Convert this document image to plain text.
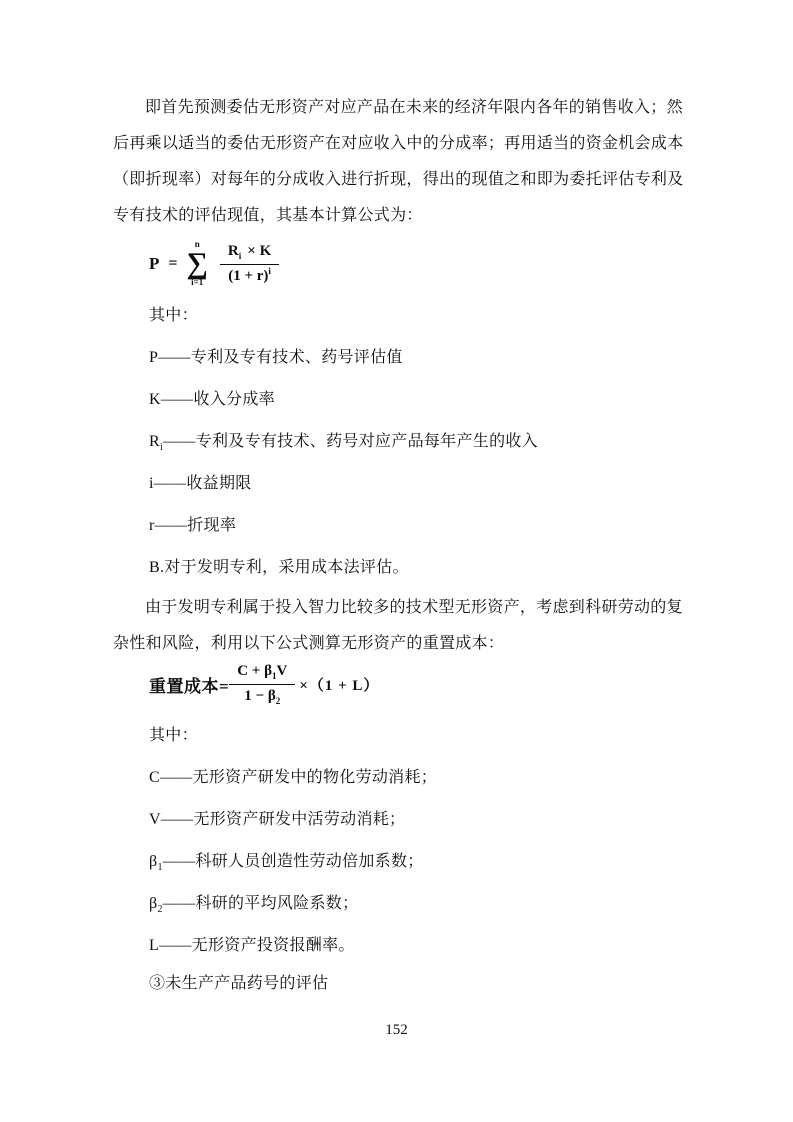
即首先预测委估无形资产对应产品在未来的经济年限内各年的销售收入；然
后再乘以适当的委估无形资产在对应收入中的分成率；再用适当的资金机会成本
（即折现率）对每年的分成收入进行折现，得出的现值之和即为委托评估专利及
专有技术的评估现值，其基本计算公式为：
P =
n
∑
$i=1 \frac{R_i \times K}{(1 + r)^i}$
其中：
P——专利及专有技术、药号评估值
K——收入分成率
$R_i——$专利及专有技术、药号对应产品每年产生的收入
i——收益期限
r——折现率
B.对于发明专利，采用成本法评估。
由于发明专利属于投入智力比较多的技术型无形资产，考虑到科研劳动的复
杂性和风险，利用以下公式测算无形资产的重置成本：
重置成本= $\frac{C + \beta_1V}{1 - \beta_2} \times(1 + L)$
其中：
C——无形资产研发中的物化劳动消耗；
V——无形资产研发中活劳动消耗；
$\beta_1——$科研人员创造性劳动倍加系数；
$\beta_2——$科研的平均风险系数；
L——无形资产投资报酬率。
③未生产产品药号的评估
152
